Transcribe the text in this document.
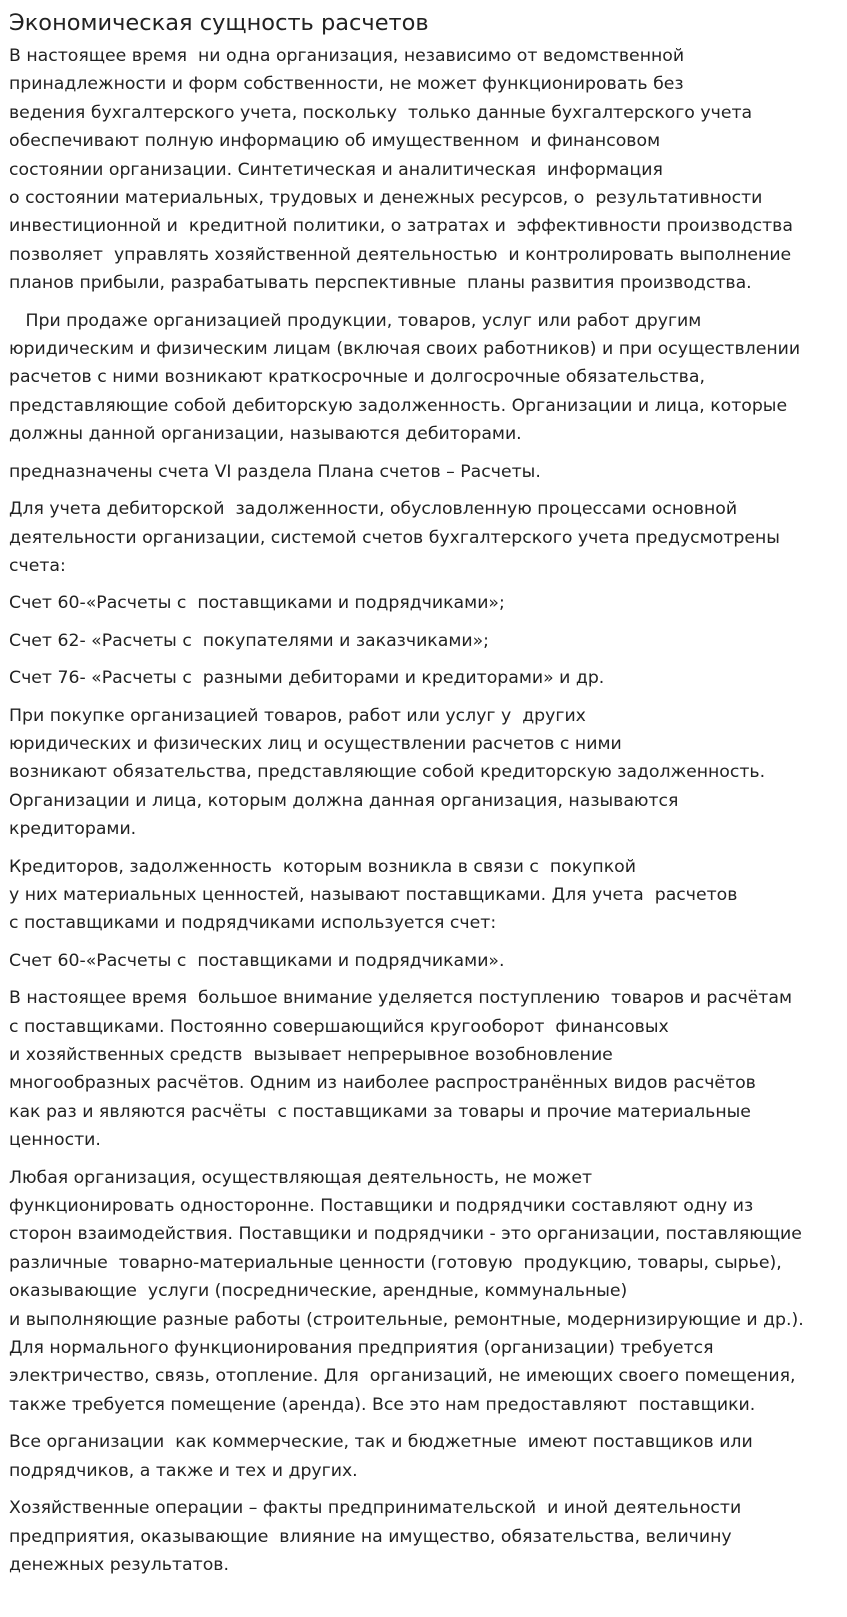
Экономическая сущность расчетов

В настоящее время  ни одна организация, независимо от ведомственной
принадлежности и форм собственности, не может функционировать без
ведения бухгалтерского учета, поскольку  только данные бухгалтерского учета
обеспечивают полную информацию об имущественном  и финансовом
состоянии организации. Синтетическая и аналитическая  информация
о состоянии материальных, трудовых и денежных ресурсов, о  результативности
инвестиционной и  кредитной политики, о затратах и  эффективности производства
позволяет  управлять хозяйственной деятельностью  и контролировать выполнение
планов прибыли, разрабатывать перспективные  планы развития производства.

При продаже организацией продукции, товаров, услуг или работ другим
юридическим и физическим лицам (включая своих работников) и при осуществлении
расчетов с ними возникают краткосрочные и долгосрочные обязательства,
представляющие собой дебиторскую задолженность. Организации и лица, которые
должны данной организации, называются дебиторами.

предназначены счета VI раздела Плана счетов – Расчеты.

Для учета дебиторской  задолженности, обусловленную процессами основной
деятельности организации, системой счетов бухгалтерского учета предусмотрены
счета:

Счет 60-«Расчеты с  поставщиками и подрядчиками»;

Счет 62- «Расчеты с  покупателями и заказчиками»;

Счет 76- «Расчеты с  разными дебиторами и кредиторами» и др.

При покупке организацией товаров, работ или услуг у  других
юридических и физических лиц и осуществлении расчетов с ними
возникают обязательства, представляющие собой кредиторскую задолженность.
Организации и лица, которым должна данная организация, называются
кредиторами.

Кредиторов, задолженность  которым возникла в связи с  покупкой
у них материальных ценностей, называют поставщиками. Для учета  расчетов
с поставщиками и подрядчиками используется счет:

Счет 60-«Расчеты с  поставщиками и подрядчиками».

В настоящее время  большое внимание уделяется поступлению  товаров и расчётам
с поставщиками. Постоянно совершающийся кругооборот  финансовых
и хозяйственных средств  вызывает непрерывное возобновление
многообразных расчётов. Одним из наиболее распространённых видов расчётов
как раз и являются расчёты  с поставщиками за товары и прочие материальные
ценности.

Любая организация, осуществляющая деятельность, не может
функционировать односторонне. Поставщики и подрядчики составляют одну из
сторон взаимодействия. Поставщики и подрядчики - это организации, поставляющие
различные  товарно-материальные ценности (готовую  продукцию, товары, сырье),
оказывающие  услуги (посреднические, арендные, коммунальные)
и выполняющие разные работы (строительные, ремонтные, модернизирующие и др.).
Для нормального функционирования предприятия (организации) требуется
электричество, связь, отопление. Для  организаций, не имеющих своего помещения,
также требуется помещение (аренда). Все это нам предоставляют  поставщики.

Все организации  как коммерческие, так и бюджетные  имеют поставщиков или
подрядчиков, а также и тех и других.

Хозяйственные операции – факты предпринимательской  и иной деятельности
предприятия, оказывающие  влияние на имущество, обязательства, величину
денежных результатов.
